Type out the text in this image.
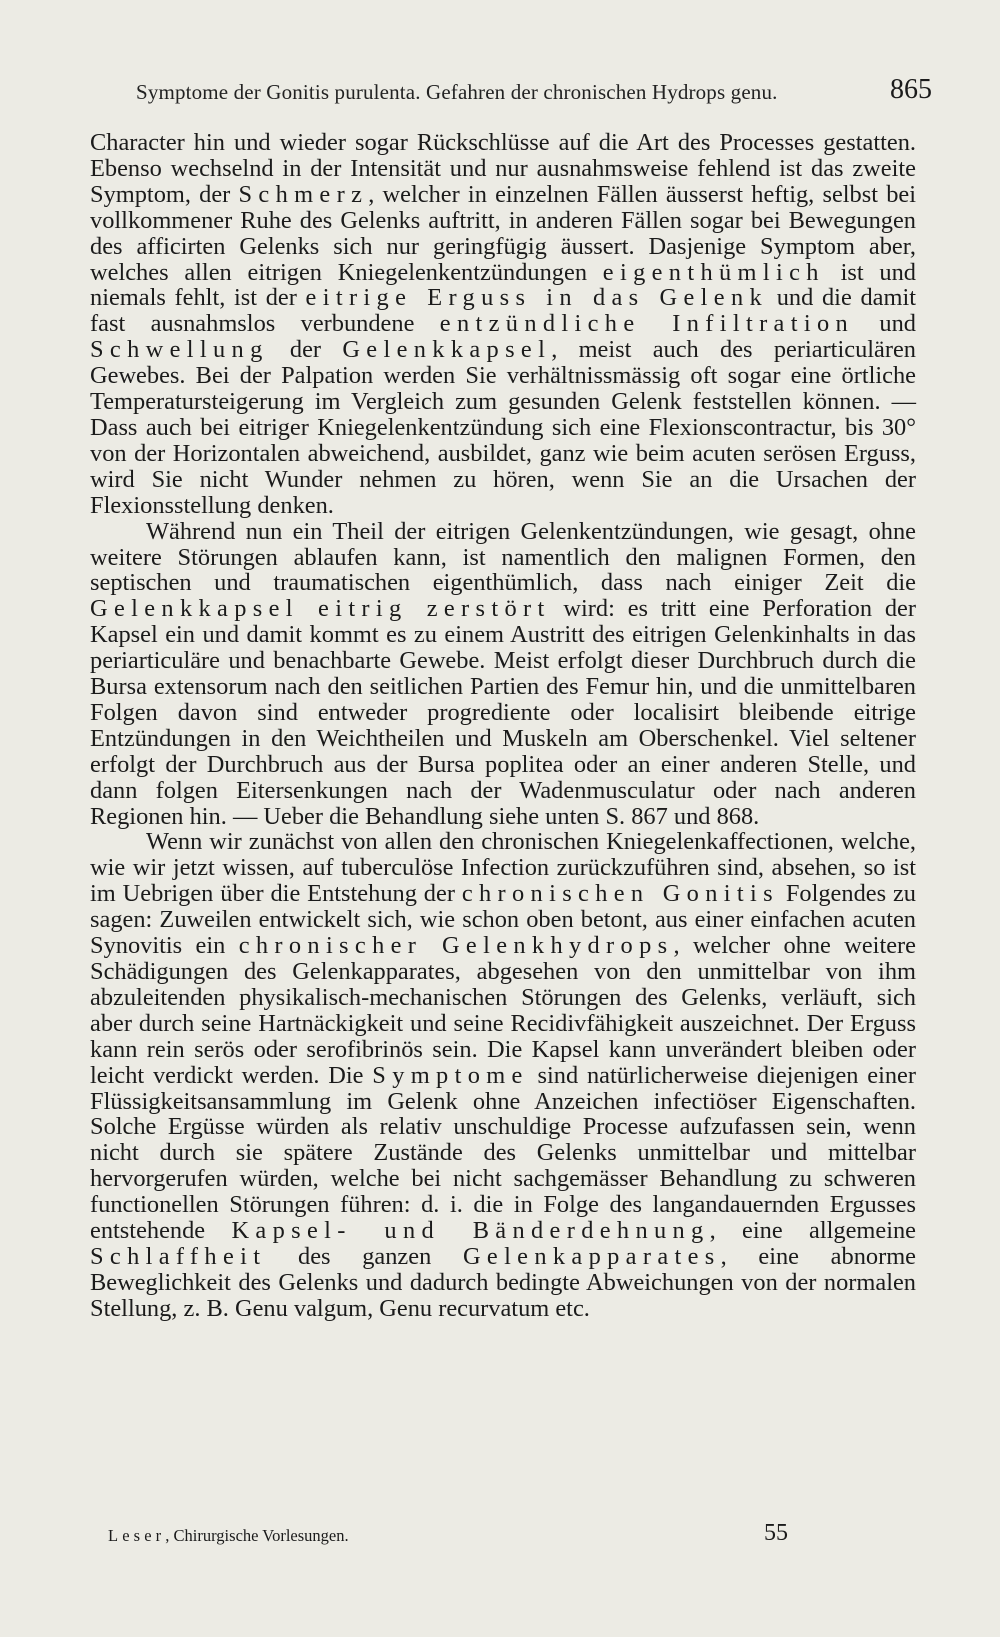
Symptome der Gonitis purulenta. Gefahren der chronischen Hydrops genu.	865

Character hin und wieder sogar Rückschlüsse auf die Art des Processes gestatten. Ebenso wechselnd in der Intensität und nur ausnahmsweise fehlend ist das zweite Symptom, der Schmerz, welcher in einzelnen Fällen äusserst heftig, selbst bei vollkommener Ruhe des Gelenks auftritt, in anderen Fällen sogar bei Bewegungen des afficirten Gelenks sich nur geringfügig äussert. Dasjenige Symptom aber, welches allen eitrigen Kniegelenkentzündungen eigenthümlich ist und niemals fehlt, ist der eitrige Erguss in das Gelenk und die damit fast ausnahmslos verbundene entzündliche Infiltration und Schwellung der Gelenkkapsel, meist auch des periarticulären Gewebes. Bei der Palpation werden Sie verhältnissmässig oft sogar eine örtliche Temperatursteigerung im Vergleich zum gesunden Gelenk feststellen können. — Dass auch bei eitriger Kniegelenkentzündung sich eine Flexionscontractur, bis 30° von der Horizontalen abweichend, ausbildet, ganz wie beim acuten serösen Erguss, wird Sie nicht Wunder nehmen zu hören, wenn Sie an die Ursachen der Flexionsstellung denken.

Während nun ein Theil der eitrigen Gelenkentzündungen, wie gesagt, ohne weitere Störungen ablaufen kann, ist namentlich den malignen Formen, den septischen und traumatischen eigenthümlich, dass nach einiger Zeit die Gelenkkapsel eitrig zerstört wird: es tritt eine Perforation der Kapsel ein und damit kommt es zu einem Austritt des eitrigen Gelenkinhalts in das periarticuläre und benachbarte Gewebe. Meist erfolgt dieser Durchbruch durch die Bursa extensorum nach den seitlichen Partien des Femur hin, und die unmittelbaren Folgen davon sind entweder progrediente oder localisirt bleibende eitrige Entzündungen in den Weichtheilen und Muskeln am Oberschenkel. Viel seltener erfolgt der Durchbruch aus der Bursa poplitea oder an einer anderen Stelle, und dann folgen Eitersenkungen nach der Wadenmusculatur oder nach anderen Regionen hin. — Ueber die Behandlung siehe unten S. 867 und 868.

Wenn wir zunächst von allen den chronischen Kniegelenkaffectionen, welche, wie wir jetzt wissen, auf tuberculöse Infection zurückzuführen sind, absehen, so ist im Uebrigen über die Entstehung der chronischen Gonitis Folgendes zu sagen: Zuweilen entwickelt sich, wie schon oben betont, aus einer einfachen acuten Synovitis ein chronischer Gelenkhydrops, welcher ohne weitere Schädigungen des Gelenkapparates, abgesehen von den unmittelbar von ihm abzuleitenden physikalisch-mechanischen Störungen des Gelenks, verläuft, sich aber durch seine Hartnäckigkeit und seine Recidivfähigkeit auszeichnet. Der Erguss kann rein serös oder serofibrinös sein. Die Kapsel kann unverändert bleiben oder leicht verdickt werden. Die Symptome sind natürlicherweise diejenigen einer Flüssigkeitsansammlung im Gelenk ohne Anzeichen infectiöser Eigenschaften. Solche Ergüsse würden als relativ unschuldige Processe aufzufassen sein, wenn nicht durch sie spätere Zustände des Gelenks unmittelbar und mittelbar hervorgerufen würden, welche bei nicht sachgemässer Behandlung zu schweren functionellen Störungen führen: d. i. die in Folge des langandauernden Ergusses entstehende Kapsel- und Bänderdehnung, eine allgemeine Schlaffheit des ganzen Gelenkapparates, eine abnorme Beweglichkeit des Gelenks und dadurch bedingte Abweichungen von der normalen Stellung, z. B. Genu valgum, Genu recurvatum etc.

Leser, Chirurgische Vorlesungen.	55
